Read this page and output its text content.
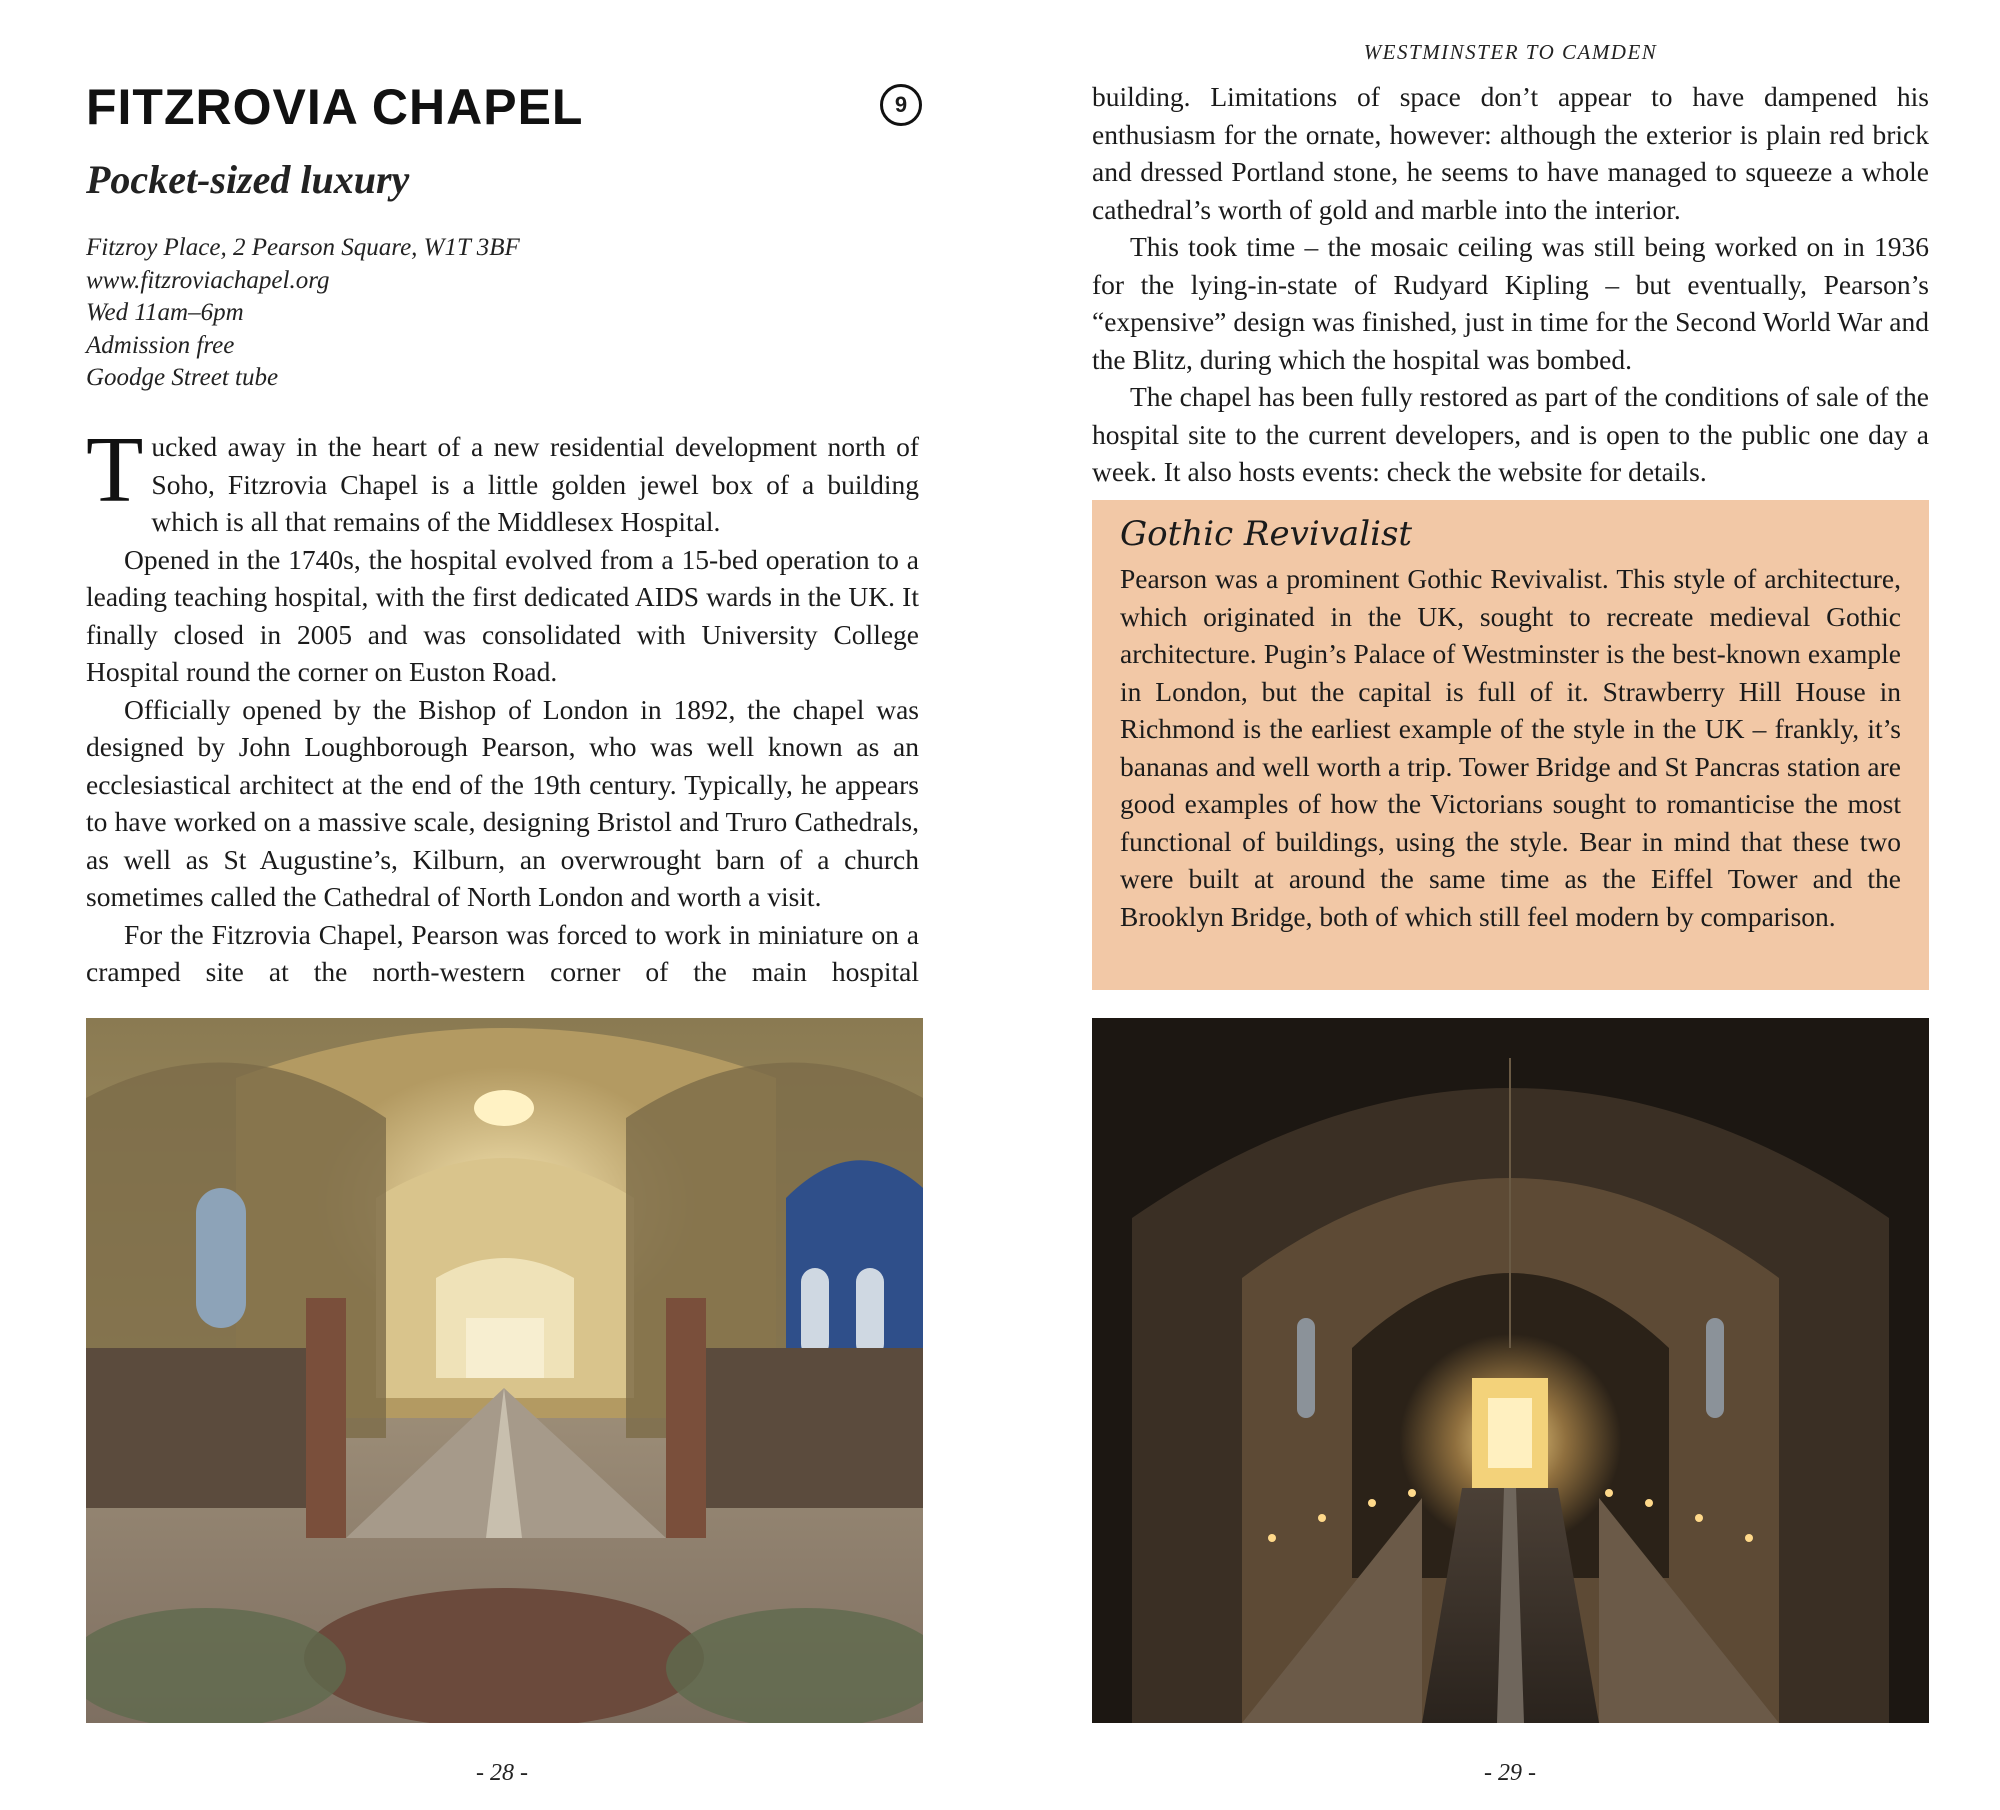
FITZROVIA CHAPEL	9
Pocket-sized luxury
Fitzroy Place, 2 Pearson Square, W1T 3BF
www.fitzroviachapel.org
Wed 11am–6pm
Admission free
Goodge Street tube

Tucked away in the heart of a new residential development north of Soho, Fitzrovia Chapel is a little golden jewel box of a building which is all that remains of the Middlesex Hospital.

Opened in the 1740s, the hospital evolved from a 15-bed operation to a leading teaching hospital, with the first dedicated AIDS wards in the UK. It finally closed in 2005 and was consolidated with University College Hospital round the corner on Euston Road.

Officially opened by the Bishop of London in 1892, the chapel was designed by John Loughborough Pearson, who was well known as an ecclesiastical architect at the end of the 19th century. Typically, he appears to have worked on a massive scale, designing Bristol and Truro Cathedrals, as well as St Augustine’s, Kilburn, an overwrought barn of a church sometimes called the Cathedral of North London and worth a visit.

For the Fitzrovia Chapel, Pearson was forced to work in miniature on a cramped site at the north-western corner of the main hospital

- 28 -
WESTMINSTER TO CAMDEN

building. Limitations of space don’t appear to have dampened his enthusiasm for the ornate, however: although the exterior is plain red brick and dressed Portland stone, he seems to have managed to squeeze a whole cathedral’s worth of gold and marble into the interior.

This took time – the mosaic ceiling was still being worked on in 1936 for the lying-in-state of Rudyard Kipling – but eventually, Pearson’s “expensive” design was finished, just in time for the Second World War and the Blitz, during which the hospital was bombed.

The chapel has been fully restored as part of the conditions of sale of the hospital site to the current developers, and is open to the public one day a week. It also hosts events: check the website for details.

Gothic Revivalist

Pearson was a prominent Gothic Revivalist. This style of architecture, which originated in the UK, sought to recreate medieval Gothic architecture. Pugin’s Palace of Westminster is the best-known example in London, but the capital is full of it. Strawberry Hill House in Richmond is the earliest example of the style in the UK – frankly, it’s bananas and well worth a trip. Tower Bridge and St Pancras station are good examples of how the Victorians sought to romanticise the most functional of buildings, using the style. Bear in mind that these two were built at around the same time as the Eiffel Tower and the Brooklyn Bridge, both of which still feel modern by comparison.

- 29 -
